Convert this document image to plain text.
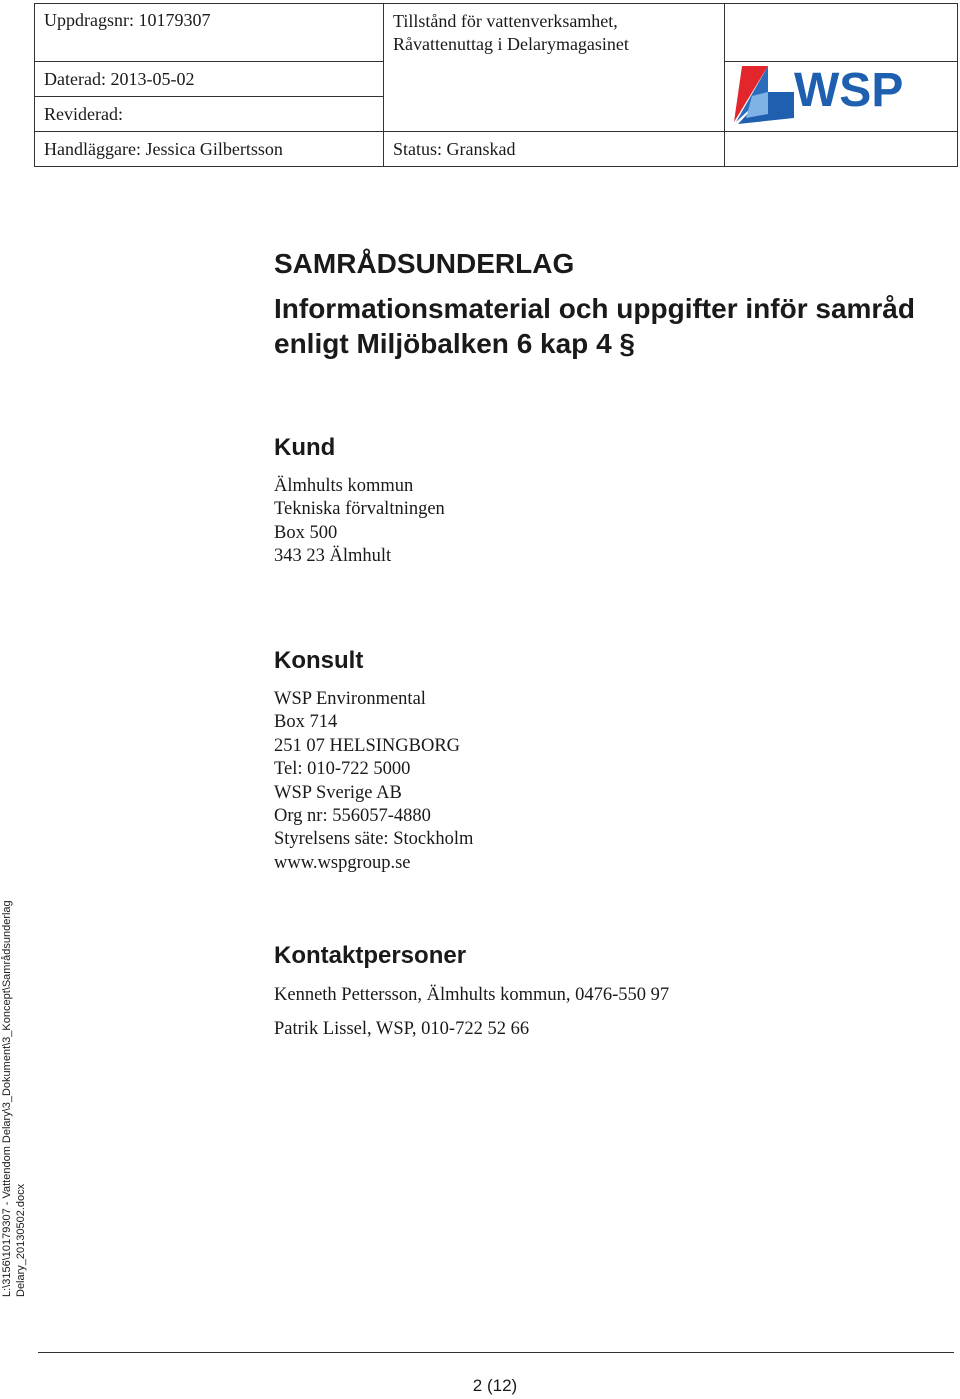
Uppdragsnr: 10179307	Tillstånd för vattenverksamhet,
Råvattenuttag i Delarymagasinet
Daterad: 2013-05-02
Reviderad:
Handläggare: Jessica Gilbertsson	Status: Granskad
WSP
SAMRÅDSUNDERLAG
Informationsmaterial och uppgifter inför samråd
enligt Miljöbalken 6 kap 4 §
Kund
Älmhults kommun
Tekniska förvaltningen
Box 500
343 23 Älmhult
Konsult
WSP Environmental
Box 714
251 07 HELSINGBORG
Tel: 010-722 5000
WSP Sverige AB
Org nr: 556057-4880
Styrelsens säte: Stockholm
www.wspgroup.se
Kontaktpersoner
Kenneth Pettersson, Älmhults kommun, 0476-550 97
Patrik Lissel, WSP, 010-722 52 66
L:\3156\10179307 - Vattendom Delary\3_Dokument\3_Koncept\Samrådsunderlag Delary_20130502.docx
2 (12)
